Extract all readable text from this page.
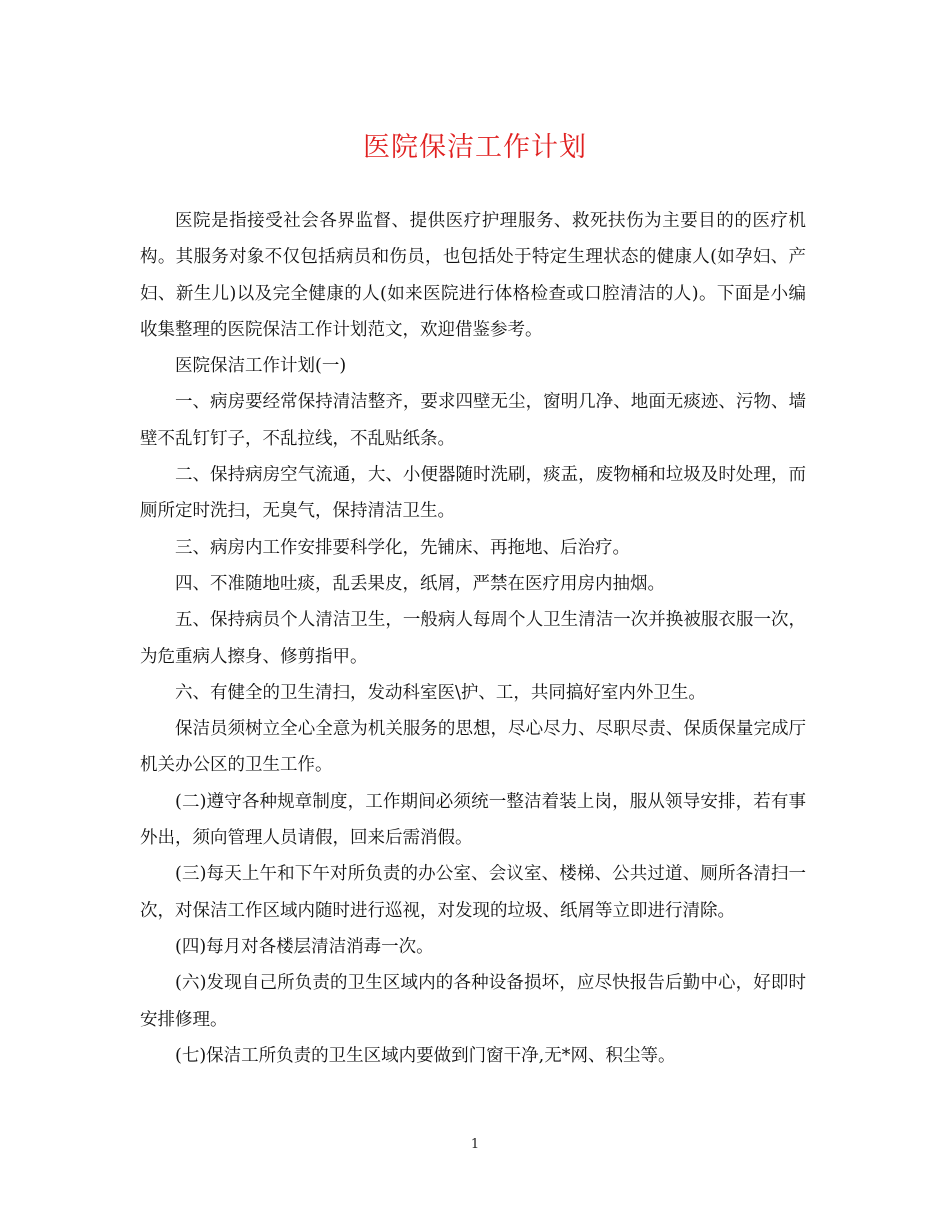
医院保洁工作计划

医院是指接受社会各界监督、提供医疗护理服务、救死扶伤为主要目的的医疗机构。其服务对象不仅包括病员和伤员，也包括处于特定生理状态的健康人(如孕妇、产妇、新生儿)以及完全健康的人(如来医院进行体格检查或口腔清洁的人)。下面是小编收集整理的医院保洁工作计划范文，欢迎借鉴参考。

医院保洁工作计划(一)

一、病房要经常保持清洁整齐，要求四壁无尘，窗明几净、地面无痰迹、污物、墙壁不乱钉钉子，不乱拉线，不乱贴纸条。

二、保持病房空气流通，大、小便器随时洗刷，痰盂，废物桶和垃圾及时处理，而厕所定时洗扫，无臭气，保持清洁卫生。

三、病房内工作安排要科学化，先铺床、再拖地、后治疗。

四、不准随地吐痰，乱丢果皮，纸屑，严禁在医疗用房内抽烟。

五、保持病员个人清洁卫生，一般病人每周个人卫生清洁一次并换被服衣服一次，为危重病人擦身、修剪指甲。

六、有健全的卫生清扫，发动科室医\护、工，共同搞好室内外卫生。

保洁员须树立全心全意为机关服务的思想，尽心尽力、尽职尽责、保质保量完成厅机关办公区的卫生工作。

(二)遵守各种规章制度，工作期间必须统一整洁着装上岗，服从领导安排，若有事外出，须向管理人员请假，回来后需消假。

(三)每天上午和下午对所负责的办公室、会议室、楼梯、公共过道、厕所各清扫一次，对保洁工作区域内随时进行巡视，对发现的垃圾、纸屑等立即进行清除。

(四)每月对各楼层清洁消毒一次。

(六)发现自己所负责的卫生区域内的各种设备损坏，应尽快报告后勤中心，好即时安排修理。

(七)保洁工所负责的卫生区域内要做到门窗干净,无*网、积尘等。

1
